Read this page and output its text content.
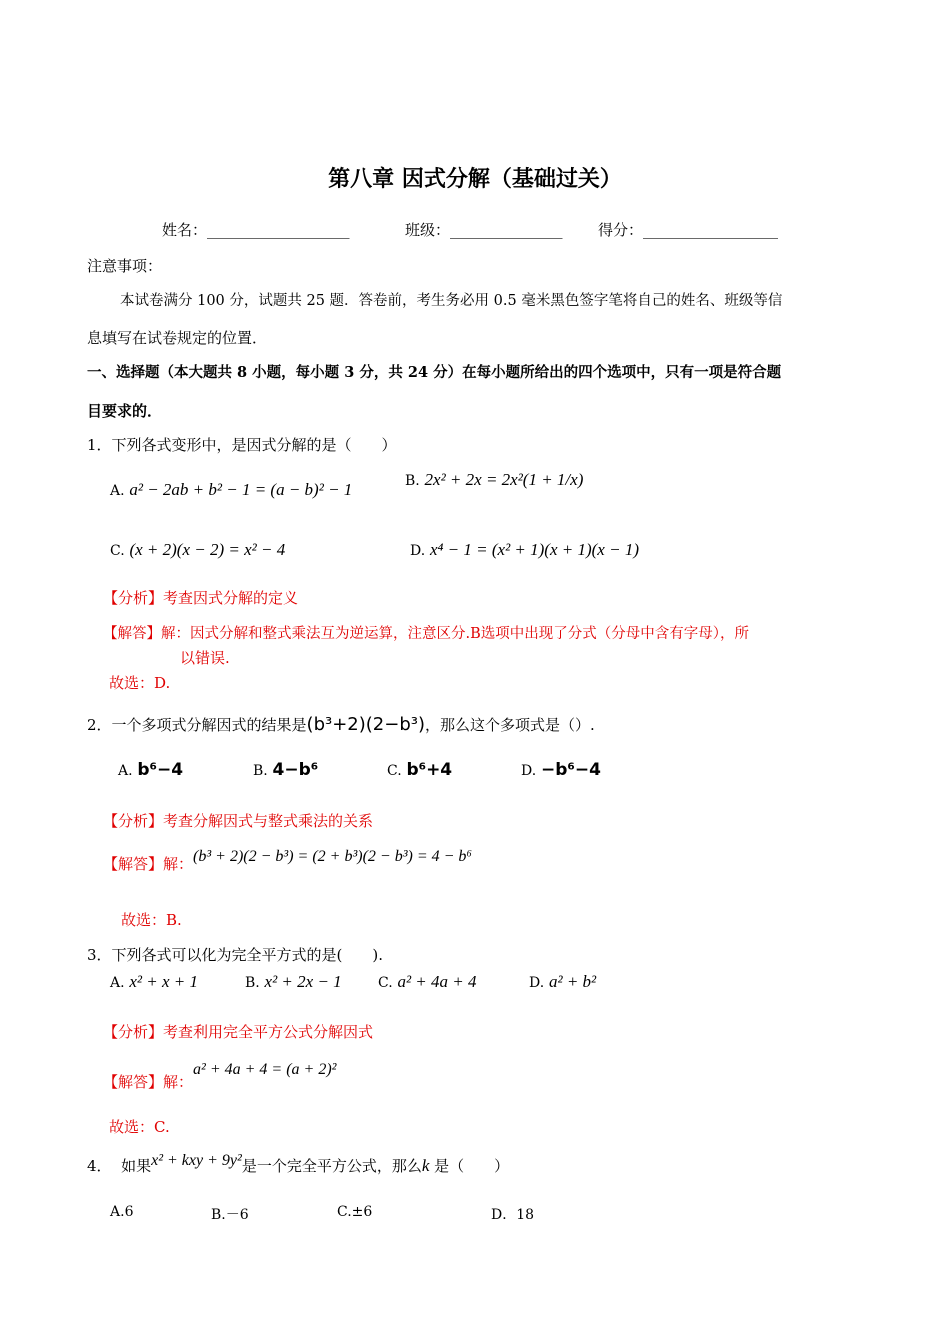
第八章 因式分解（基础过关）
姓名：___________________	班级：_______________ 得分：__________________
注意事项：
本试卷满分 100 分，试题共 25 题．答卷前，考生务必用 0.5 毫米黑色签字笔将自己的姓名、班级等信
息填写在试卷规定的位置．
一、选择题（本大题共 8 小题，每小题 3 分，共 24 分）在每小题所给出的四个选项中，只有一项是符合题
目要求的．
1．下列各式变形中，是因式分解的是（　　）
A. a² − 2ab + b² − 1 = (a − b)² − 1	B. 2x² + 2x = 2x²(1 + 1/x)
C. (x + 2)(x − 2) = x² − 4	D. x⁴ − 1 = (x² + 1)(x + 1)(x − 1)
【分析】考查因式分解的定义
【解答】解：因式分解和整式乘法互为逆运算，注意区分.B选项中出现了分式（分母中含有字母），所
以错误.
故选：D.
2．一个多项式分解因式的结果是(b³+2)(2−b³)，那么这个多项式是（）.
A. b⁶−4	B. 4−b⁶	C. b⁶+4	D. −b⁶−4
【分析】考查分解因式与整式乘法的关系
【解答】解：(b³ + 2)(2 − b³) = (2 + b³)(2 − b³) = 4 − b⁶
故选：B.
3．下列各式可以化为完全平方式的是(　　).
A. x² + x + 1	B. x² + 2x − 1	C. a² + 4a + 4	D. a² + b²
【分析】考查利用完全平方公式分解因式
【解答】解：a² + 4a + 4 = (a + 2)²
故选：C.
4． 如果x² + kxy + 9y²是一个完全平方公式，那么k 是（　　）
A.6	B.－6	C.±6	D．18
